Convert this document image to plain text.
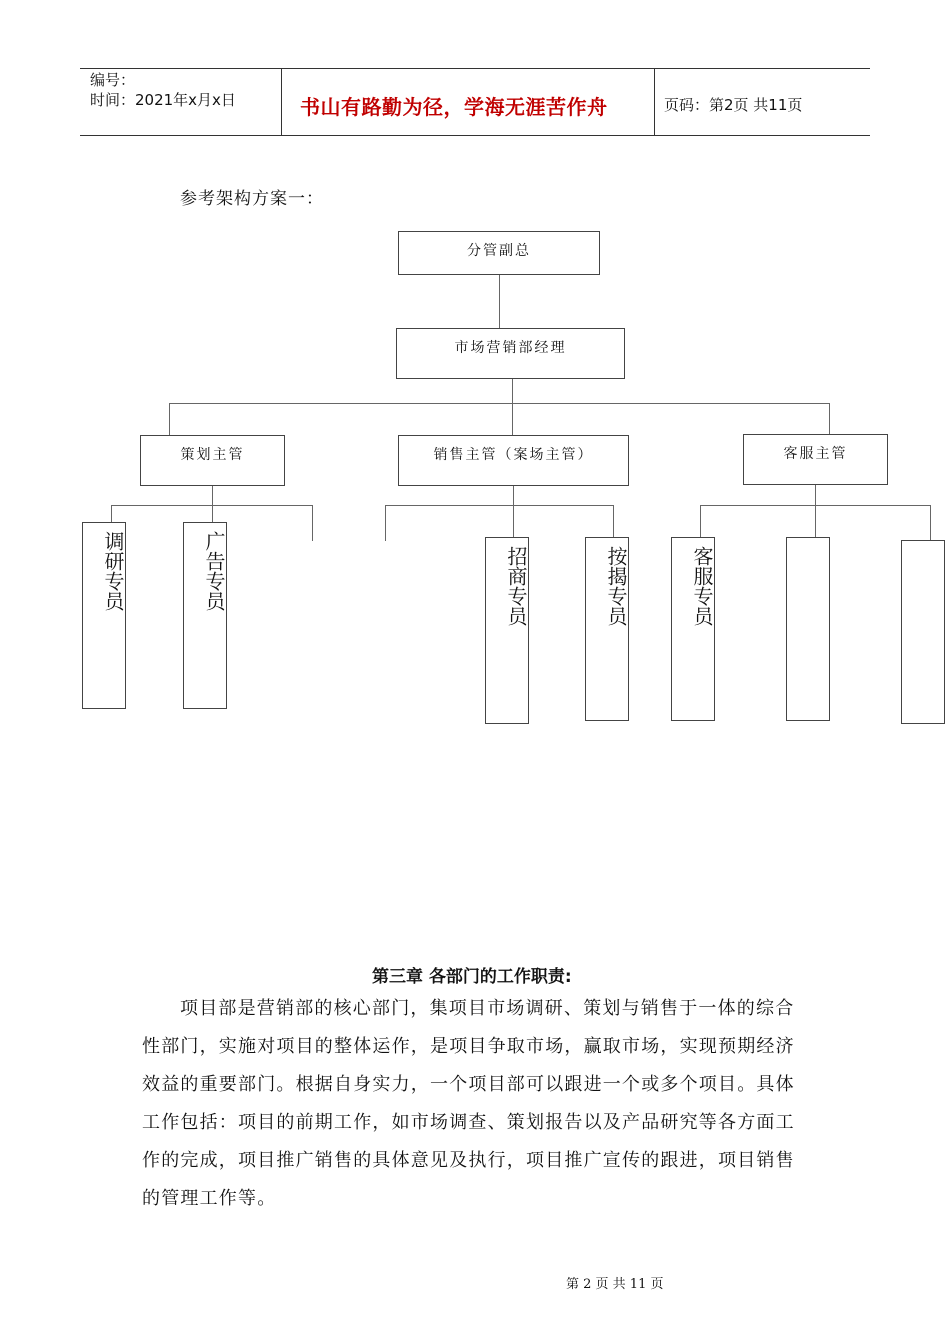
编号：
时间：2021年x月x日	书山有路勤为径，学海无涯苦作舟	页码：第2页 共11页
参考架构方案一：
分管副总
市场营销部经理
策划主管	销售主管（案场主管）	客服主管
调研专员	广告专员	招商专员	按揭专员	客服专员
第三章 各部门的工作职责:
项目部是营销部的核心部门，集项目市场调研、策划与销售于一体的综合
性部门，实施对项目的整体运作，是项目争取市场，赢取市场，实现预期经济
效益的重要部门。根据自身实力，一个项目部可以跟进一个或多个项目。具体
工作包括：项目的前期工作，如市场调查、策划报告以及产品研究等各方面工
作的完成，项目推广销售的具体意见及执行，项目推广宣传的跟进，项目销售
的管理工作等。
第 2 页 共 11 页
